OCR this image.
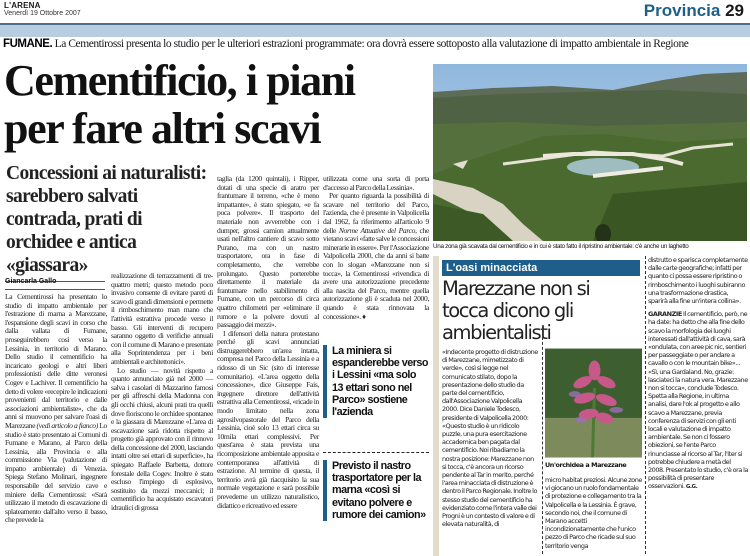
L'ARENA
Venerdì 19 Ottobre 2007	Provincia 29
FUMANE. La Cementirossi presenta lo studio per le ulteriori estrazioni programmate: ora dovrà essere sottoposto alla valutazione di impatto ambientale in Regione
Cementificio, i piani
per fare altri scavi
Concessioni ai naturalisti: sarebbero salvati contrada, prati di orchidee e antica «giassara»
Giancarla Gallo

La Cementirossi ha presentato lo studio di impatto ambientale per l'estrazione di marna a Marezzane, l'espansione degli scavi in corso che dalla vallata di Fumane, proseguirebbero così verso la Lessinia, in territorio di Marano. Dello studio il cementificio ha incaricato geologi e altri liberi professionisti delle ditte veronesi Cogev e Lachiver. Il cementificio ha detto di volere «recepire le indicazioni provenienti dal territorio e dalle associazioni ambientaliste», che da anni si muovono per salvare l'oasi di Marezzane (vedi articolo a fianco) Lo studio è stato presentato ai Comuni di Fumane e Marano, al Parco della Lessinia, alla Provincia e alla commissione Via (valutazione di impatto ambientale) di Venezia. Spiega Stefano Molinari, ingegnere responsabile del servizio cave e miniere della Cementirossi: «Sarà utilizzato il metodo di escavazione di splateamento dall'alto verso il basso, che prevede la

realizzazione di terrazzamenti di tre-quattro metri; questo metodo poco invasivo consente di evitare pareti di scavo di grandi dimensioni e permette il rimboschimento man mano che l'attività estrattiva procede verso il basso. Gli interventi di recupero saranno oggetto di verifiche annuali con il comune di Marano e presentate alla Soprintendenza per i beni ambientali e architettonici».

Lo studio — novità rispetto a quanto annunciato già nel 2000 — salva i casolari di Mazzarino famosi per gli affreschi della Madonna con gli occhi chiusi, alcuni prati tra quelli dove fioriscono le orchidee spontanee e la giassara di Marezzane «L'area di escavazione sarà ridotta rispetto al progetto già approvato con il rinnovo della concessione del 2000, lasciando intatti oltre sei ettari di superficie», ha spiegato Raffaele Barbetta, dottore forestale della Cogev. Inoltre è stato escluso l'impiego di esplosivo, sostituito da mezzi meccanici; il cementificio ha acquistato escavatori idraulici di grossa

taglia (da 1200 quintali), i Ripper, dotati di una specie di aratro per frantumare il terreno, «che è meno impattante», è stato spiegato, «e fa poca polvere». Il trasporto del materiale non avverrebbe con i dumper, grossi camion attualmente usati nell'altro cantiere di scavo sotto Purano, ma con un nastro trasportatore, ora in fase di completamento, che verrebbe prolungato. Questo porterebbe direttamente il materiale da frantumare nello stabilimento di Fumane, con un percorso di circa quattro chilometri per «eliminare il rumore e la polvere dovuti al passaggio dei mezzi».

I difensori della natura protestano perché gli scavi annunciati distruggerebbero un'area intatta, compresa nel Parco della Lessinia e a ridosso di un Sic (sito di interesse comunitario). «L'area oggetto della concessione», dice Giuseppe Fais, ingegnere direttore dell'attività estrattiva alla Cementirossi, «ricade in modo limitato nella zona agrosilvopastorale del Parco della Lessinia, cioè solo 13 ettari circa su 10mila ettari complessivi. Per quest'area è stata prevista una ricomposizione ambientale apposita e contemporanea all'attività di estrazione. Al termine di questa, il territorio avrà già riacquisito la sua normale vegetazione e sarà possibile prevederne un utilizzo naturalistico, didattico e ricreativo ed essere

utilizzata come una sorta di porta d'accesso al Parco della Lessinia».

Per quanto riguarda la possibilità di scavare nel territorio del Parco, l'azienda, che è presente in Valpolicella dal 1962, fa riferimento all'articolo 9 delle Norme Attuative del Parco, che vietano scavi «fatte salve le concessioni minerarie in essere». Per l'Associazione Valpolicella 2000, che da anni si batte con lo slogan «Marezzane non si tocca», la Cementirossi «rivendica di avere una autorizzazione precedente alla nascita del Parco, mentre quella autorizzazione gli è scaduta nel 2000, quando è stata rinnovata la concessione». ♦

La miniera si espanderebbe verso i Lessini «ma solo 13 ettari sono nel Parco» sostiene l'azienda
Previsto il nastro trasportatore per la marna «così si evitano polvere e rumore dei camion»
Una zona già scavata dal cementificio e in cui è stato fatto il ripristino ambientale: c'è anche un laghetto
L'oasi minacciata
Marezzane non si tocca dicono gli ambientalisti
«Indecente progetto di distruzione di Marezzane, mimetizzato di verde», così si legge nel comunicato stilato, dopo la presentazione dello studio da parte del cementificio, dall'Associazione Valpolicella 2000. Dice Daniele Todesco, presidente di Valpolicella 2000: «Questo studio è un ridicolo puzzle, una pura esercitazione accademica ben pagata dal cementificio. Noi ribadiamo la nostra posizione: Marezzane non si tocca, c'è ancora un ricorso pendente al Tar in merito, perché l'area minacciata di distruzione è dentro il Parco Regionale. Inoltre lo stesso studio del cementificio ha evidenziato come l'intera valle dei Progni è un contesto di valore e di elevata naturalità, di
Un'orchidea a Marezzane
micro habitat preziosi. Alcune zone vi giocano un ruolo fondamentale di protezione e collegamento tra la Valpolicella e la Lessinia. È grave, secondo noi, che il comune di Marano accetti incondizionatamente che l'unico pezzo di Parco che ricade sul suo territorio venga

distrutto e sparisca completamente dalle carte geografiche; infatti per quanto ci possa essere ripristino o rimboschimento i luoghi subiranno una trasformazione drastica, sparirà alla fine un'intera collina».

GARANZIE Il cementificio, però, ne ha date: ha detto che alla fine dello scavo la morfologia dei luoghi interessati dall'attività di cava, sarà «ondulata, con aree pic nic, sentieri per passeggiate o per andare a cavallo o con le mountain bike»... «Sì, una Gardaland. No, grazie: lasciateci la natura vera. Marezzane non si tocca», conclude Todesco. Spetta alla Regione, in ultima analisi, dare l'ok al progetto e allo scavo a Marezzane, previa conferenza di servizi con gli enti locali e valutazione di impatto ambientale. Se non ci fossero obiezioni, se l'ente Parco rinunciasse al ricorso al Tar, l'iter si potrebbe chiudere a metà del 2008. Presentato lo studio, c'è ora la possibilità di presentare osservazioni. G.G.
